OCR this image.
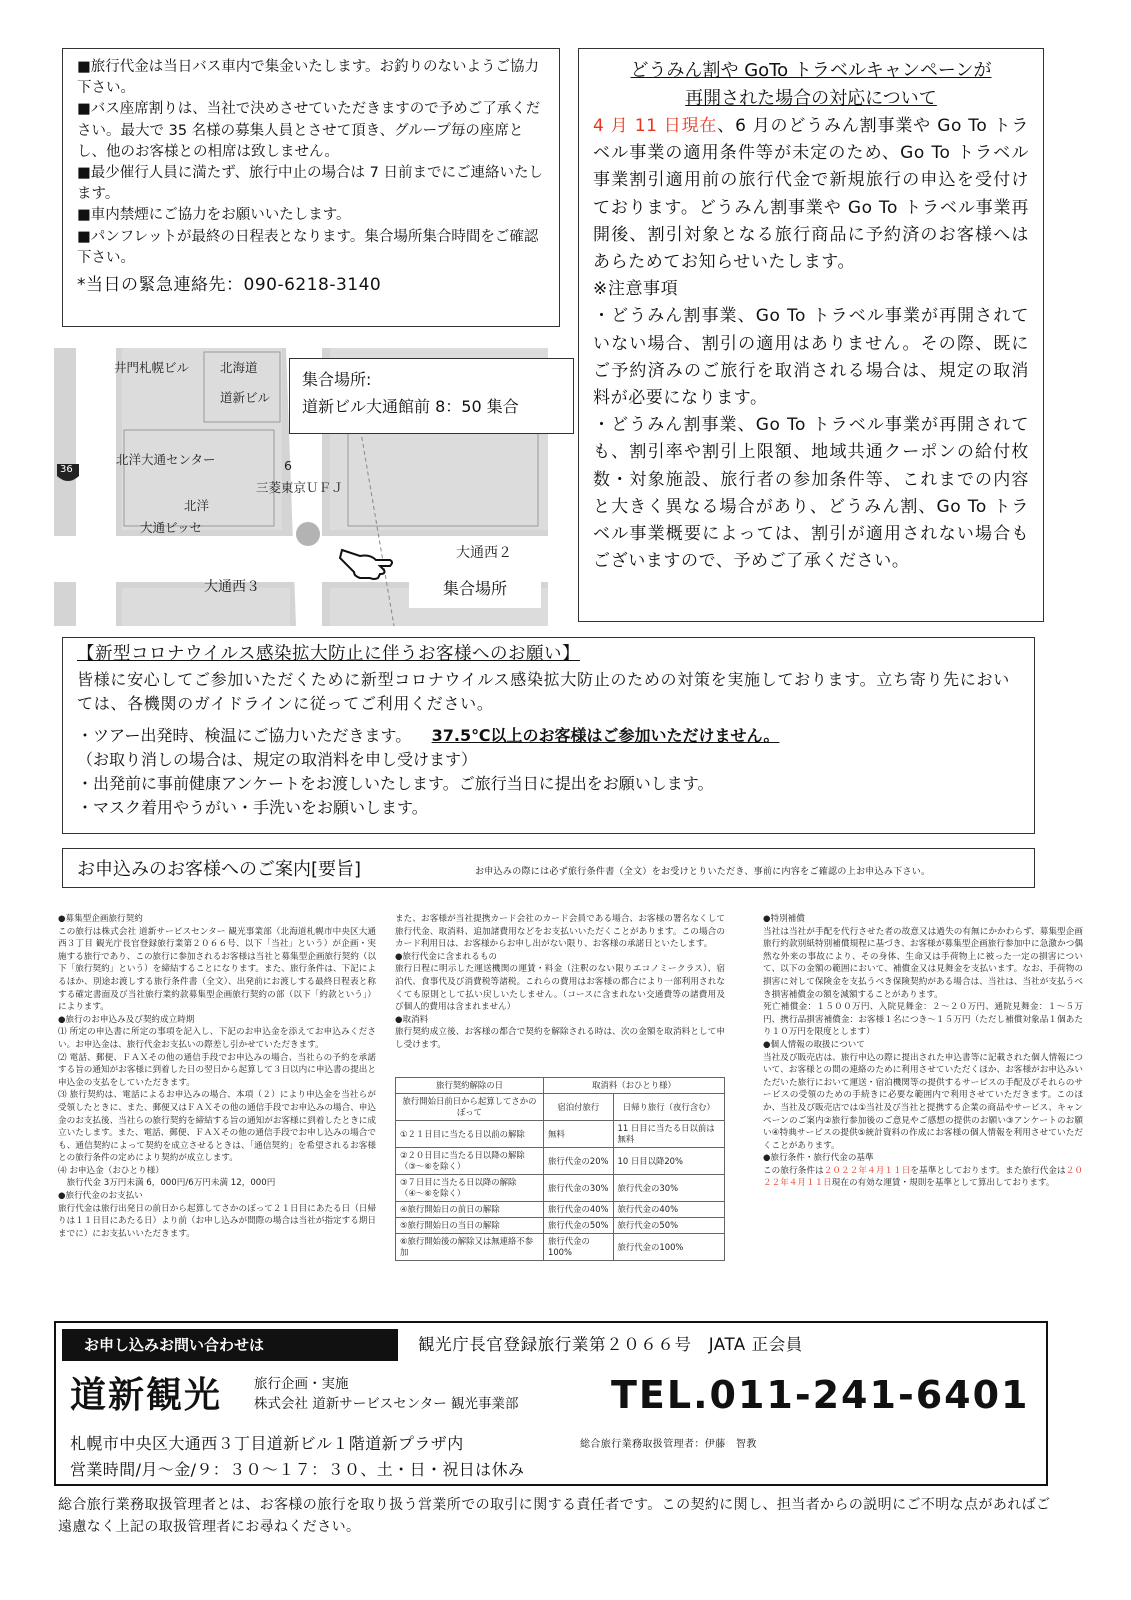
■ 旅行代金は当日バス車内で集金いたします。お釣りのないようご協力下さい。

■ バス座席割りは、当社で決めさせていただきますので予めご了承ください。最大で 35 名様の募集人員とさせて頂き、グループ毎の座席とし、他のお客様との相席は致しません。

■ 最少催行人員に満たず、旅行中止の場合は 7 日前までにご連絡いたします。

■ 車内禁煙にご協力をお願いいたします。

■ パンフレットが最終の日程表となります。集合場所集合時間をご確認下さい。

*当日の緊急連絡先：090-6218-3140

どうみん割や GoTo トラベルキャンペーンが
再開された場合の対応について
4 月 11 日現在、6 月のどうみん割事業や Go To トラベル事業の適用条件等が未定のため、Go To トラベル事業割引適用前の旅行代金で新規旅行の申込を受付けております。どうみん割事業や Go To トラベル事業再開後、割引対象となる旅行商品に予約済のお客様へはあらためてお知らせいたします。
※注意事項
・どうみん割事業、Go To トラベル事業が再開されていない場合、割引の適用はありません。その際、既にご予約済みのご旅行を取消される場合は、規定の取消料が必要になります。
・どうみん割事業、Go To トラベル事業が再開されても、割引率や割引上限額、地域共通クーポンの給付枚数・対象施設、旅行者の参加条件等、これまでの内容と大きく異なる場合があり、どうみん割、Go To トラベル事業概要によっては、割引が適用されない場合もございますので、予めご了承ください。
井門札幌ビル 北海道
道新ビル
北洋大通センター	6
三菱東京ＵＦＪ
北洋
大通ビッセ
36
大通西２
大通西３
集合場所:
道新ビル大通館前 8：50 集合
集合場所
【新型コロナウイルス感染拡大防止に伴うお客様へのお願い】
皆様に安心してご参加いただくために新型コロナウイルス感染拡大防止のための対策を実施しております。立ち寄り先においては、各機関のガイドラインに従ってご利用ください。
・ツアー出発時、検温にご協力いただきます。 37.5℃以上のお客様はご参加いただけません。
（お取り消しの場合は、規定の取消料を申し受けます）
・出発前に事前健康アンケートをお渡しいたします。ご旅行当日に提出をお願いします。
・マスク着用やうがい・手洗いをお願いします。
お申込みのお客様へのご案内[要旨]	お申込みの際には必ず旅行条件書（全文）をお受けとりいただき、事前に内容をご確認の上お申込み下さい。
●募集型企画旅行契約
この旅行は株式会社 道新サービスセンター 観光事業部（北海道札幌市中央区大通西３丁目 観光庁長官登録旅行業第２０６６号、以下「当社」という）が企画・実施する旅行であり、この旅行に参加されるお客様は当社と募集型企画旅行契約（以下「旅行契約」という）を締結することになります。また、旅行条件は、下記によるほか、別途お渡しする旅行条件書（全文）、出発前にお渡しする最終日程表と称する確定書面及び当社旅行業約款募集型企画旅行契約の部（以下「約款という」）によります。
●旅行のお申込み及び契約成立時期
⑴ 所定の申込書に所定の事項を記入し、下記のお申込金を添えてお申込みください。お申込金は、旅行代金お支払いの際差し引かせていただきます。
⑵ 電話、郵便、ＦＡＸその他の通信手段でお申込みの場合、当社らの予約を承諾する旨の通知がお客様に到着した日の翌日から起算して３日以内に申込書の提出と申込金の支払をしていただきます。
⑶ 旅行契約は、電話によるお申込みの場合、本項（２）により申込金を当社らが受領したときに、また、郵便又はＦＡＸその他の通信手段でお申込みの場合、申込金のお支払後、当社らの旅行契約を締結する旨の通知がお客様に到着したときに成立いたします。また、電話、郵便、ＦＡＸその他の通信手段でお申し込みの場合でも、通信契約によって契約を成立させるときは、「通信契約」を希望されるお客様との旅行条件の定めにより契約が成立します。
⑷ お申込金（おひとり様）
　旅行代金 3万円未満 6，000円/6万円未満 12，000円
●旅行代金のお支払い
旅行代金は旅行出発日の前日から起算してさかのぼって２１日目にあたる日（日帰りは１１日目にあたる日）より前（お申し込みが間際の場合は当社が指定する期日までに）にお支払いいただきます。
また、お客様が当社提携カード会社のカード会員である場合、お客様の署名なくして旅行代金、取消料、追加諸費用などをお支払いいただくことがあります。この場合のカード利用日は、お客様からお申し出がない限り、お客様の承諾日といたします。
●旅行代金に含まれるもの
旅行日程に明示した運送機関の運賃・料金（注釈のない限りエコノミークラス）、宿泊代、食事代及び消費税等諸税。これらの費用はお客様の都合により一部利用されなくても原則として払い戻しいたしません。（コースに含まれない交通費等の諸費用及び個人的費用は含まれません）
●取消料
旅行契約成立後、お客様の都合で契約を解除される時は、次の金額を取消料として申し受けます。
旅行契約解除の日	取消料（おひとり様）	
旅行開始日前日から起算してさかのぼって	宿泊付旅行	日帰り旅行（夜行含む）
①２１日目に当たる日以前の解除	無料	11 日目に当たる日以前は無料
②２０日目に当たる日以降の解除（③〜⑥を除く）	旅行代金の20%	10 日目以降20%
③７日目に当たる日以降の解除（④〜⑥を除く）	旅行代金の30%	旅行代金の30%
④旅行開始日の前日の解除	旅行代金の40%	旅行代金の40%
⑤旅行開始日の当日の解除	旅行代金の50%	旅行代金の50%
⑥旅行開始後の解除又は無連絡不参加	旅行代金の100%	旅行代金の100%
●特別補償
当社は当社が手配を代行させた者の故意又は過失の有無にかかわらず、募集型企画旅行約款別紙特別補償規程に基づき、お客様が募集型企画旅行参加中に急激かつ偶然な外来の事故により、その身体、生命又は手荷物上に被った一定の損害について、以下の金額の範囲において、補償金又は見舞金を支払います。なお、手荷物の損害に対して保険金を支払うべき保険契約がある場合は、当社は、当社が支払うべき損害補償金の額を減額することがあります。
死亡補償金：１５００万円、入院見舞金：２〜２０万円、通院見舞金：１〜５万円、携行品損害補償金：お客様１名につき〜１５万円（ただし補償対象品１個あたり１０万円を限度とします）
●個人情報の取扱について
当社及び販売店は、旅行申込の際に提出された申込書等に記載された個人情報について、お客様との間の連絡のために利用させていただくほか、お客様がお申込みいただいた旅行において運送・宿泊機関等の提供するサービスの手配及びそれらのサービスの受領のための手続きに必要な範囲内で利用させていただきます。このほか、当社及び販売店では①当社及び当社と提携する企業の商品やサービス、キャンペーンのご案内②旅行参加後のご意見やご感想の提供のお願い③アンケートのお願い④特典サービスの提供⑤統計資料の作成にお客様の個人情報を利用させていただくことがあります。
●旅行条件・旅行代金の基準
この旅行条件は２０２２年４月１１日を基準としております。また旅行代金は２０２２年４月１１日現在の有効な運賃・規則を基準として算出しております。
お申し込みお問い合わせは	観光庁長官登録旅行業第２０６６号　JATA 正会員
道新観光 旅行企画・実施
株式会社 道新サービスセンター 観光事業部 TEL.011-241-6401
札幌市中央区大通西３丁目道新ビル１階道新プラザ内	総合旅行業務取扱管理者：伊藤　智教
営業時間/月〜金/９：３０〜１７：３０、土・日・祝日は休み
総合旅行業務取扱管理者とは、お客様の旅行を取り扱う営業所での取引に関する責任者です。この契約に関し、担当者からの説明にご不明な点があればご遠慮なく上記の取扱管理者にお尋ねください。
